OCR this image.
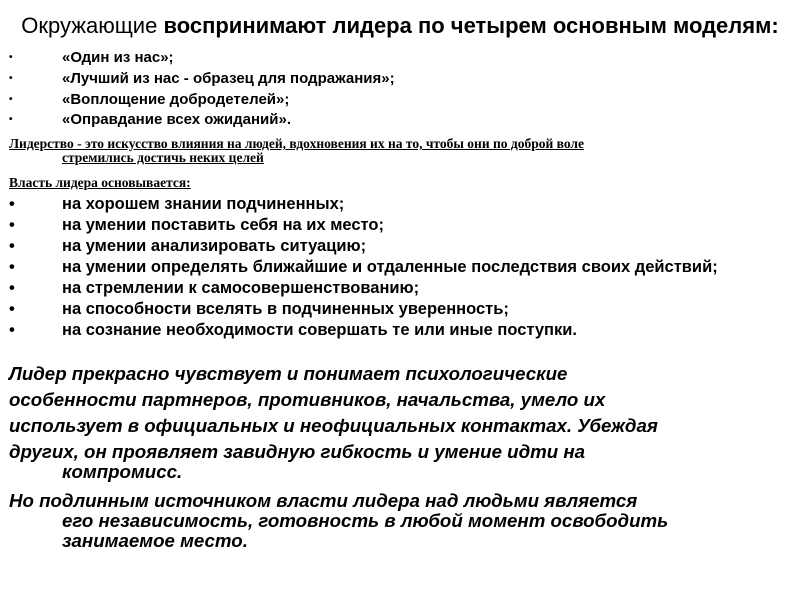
Окружающие воспринимают лидера по четырем основным моделям:
•	«Один из нас»;
•	«Лучший из нас - образец для подражания»;
•	«Воплощение добродетелей»;
•	«Оправдание всех ожиданий».
Лидерство - это искусство влияния на людей, вдохновения их на то, чтобы они по доброй воле
стремились достичь неких целей
Власть лидера основывается:
•	на хорошем знании подчиненных;
•	на умении поставить себя на их место;
•	на умении анализировать ситуацию;
•	на умении определять ближайшие и отдаленные последствия своих действий;
•	на стремлении к самосовершенствованию;
•	на способности вселять в подчиненных уверенность;
•	на сознание необходимости совершать те или иные поступки.
Лидер прекрасно чувствует и понимает психологические
особенности партнеров, противников, начальства, умело их
использует в официальных и неофициальных контактах. Убеждая
других, он проявляет завидную гибкость и умение идти на
компромисс.
Но подлинным источником власти лидера над людьми является
его независимость, готовность в любой момент освободить
занимаемое место.
